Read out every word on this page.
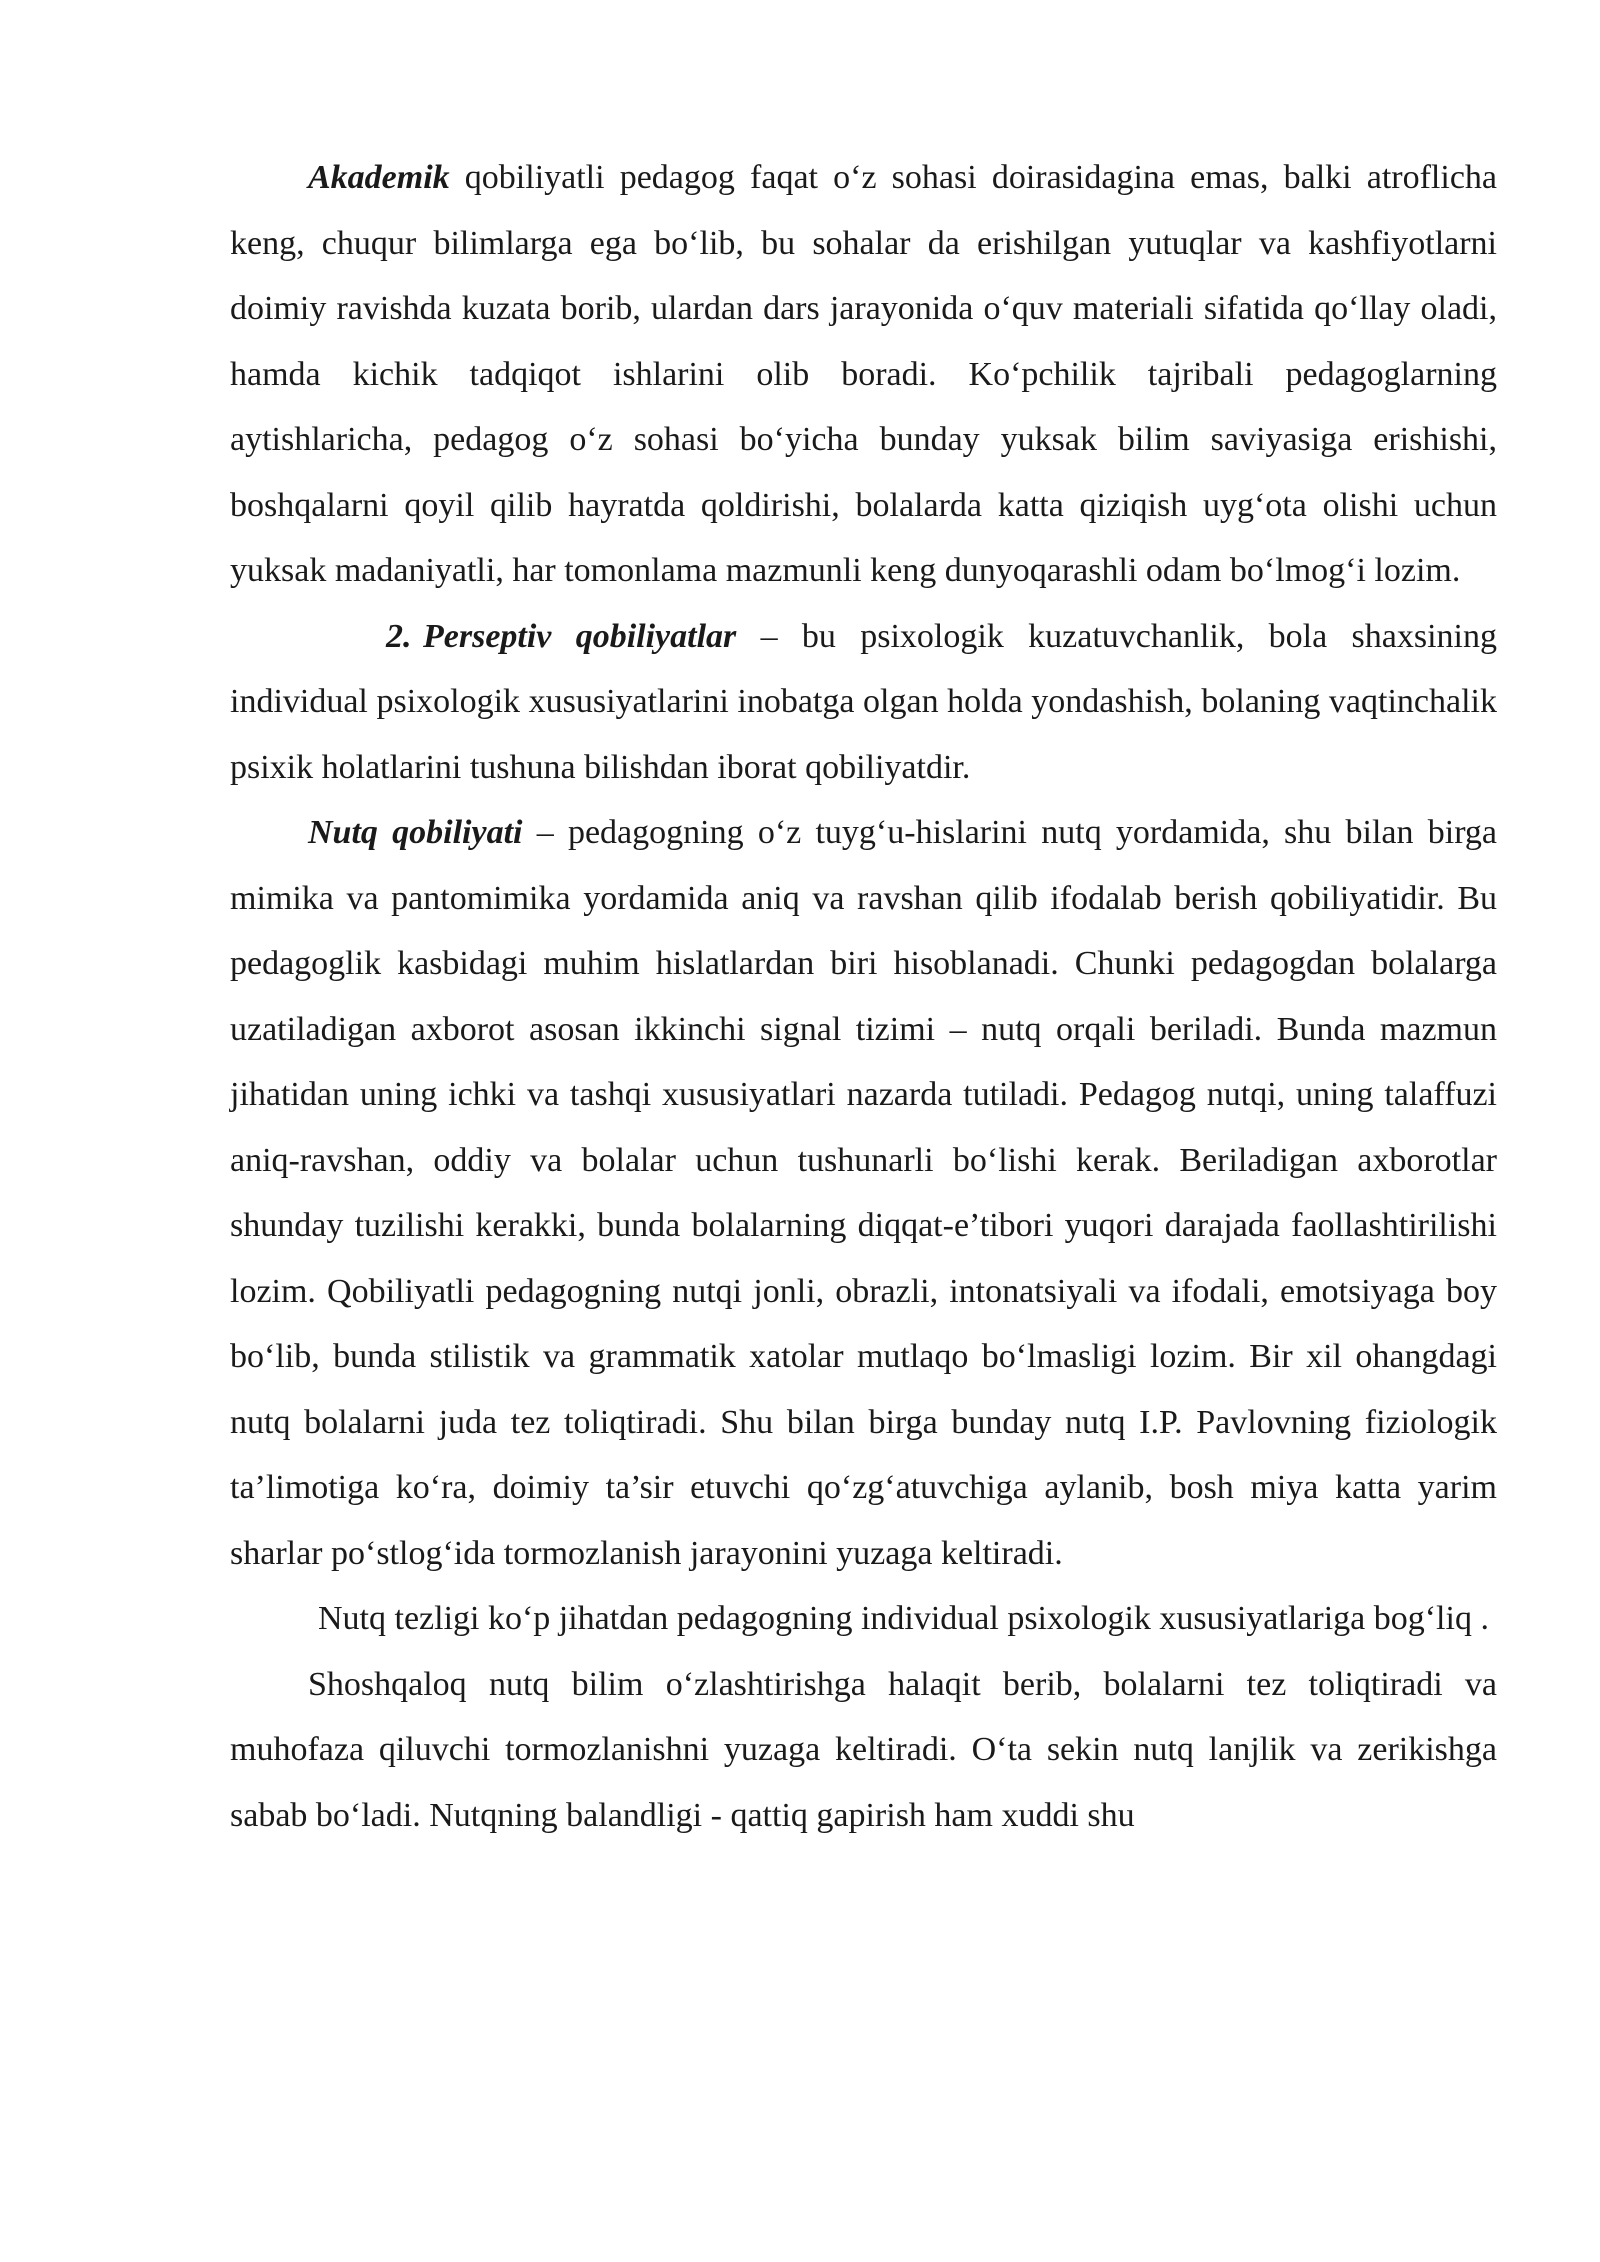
Akademik qobiliyatli pedagog faqat o‘z sohasi doirasidagina emas, balki atroflicha keng, chuqur bilimlarga ega bo‘lib, bu sohalar da erishilgan yutuqlar va kashfiyotlarni doimiy ravishda kuzata borib, ulardan dars jarayonida o‘quv materiali sifatida qo‘llay oladi, hamda kichik tadqiqot ishlarini olib boradi. Ko‘pchilik tajribali pedagoglarning aytishlaricha, pedagog o‘z sohasi bo‘yicha bunday yuksak bilim saviyasiga erishishi, boshqalarni qoyil qilib hayratda qoldirishi, bolalarda katta qiziqish uyg‘ota olishi uchun yuksak madaniyatli, har tomonlama mazmunli keng dunyoqarashli odam bo‘lmog‘i lozim.

2. Perseptiv qobiliyatlar – bu psixologik kuzatuvchanlik, bola shaxsining individual psixologik xususiyatlarini inobatga olgan holda yondashish, bolaning vaqtinchalik psixik holatlarini tushuna bilishdan iborat qobiliyatdir.

Nutq qobiliyati – pedagogning o‘z tuyg‘u-hislarini nutq yordamida, shu bilan birga mimika va pantomimika yordamida aniq va ravshan qilib ifodalab berish qobiliyatidir. Bu pedagoglik kasbidagi muhim hislatlardan biri hisoblanadi. Chunki pedagogdan bolalarga uzatiladigan axborot asosan ikkinchi signal tizimi – nutq orqali beriladi. Bunda mazmun jihatidan uning ichki va tashqi xususiyatlari nazarda tutiladi. Pedagog nutqi, uning talaffuzi aniq-ravshan, oddiy va bolalar uchun tushunarli bo‘lishi kerak. Beriladigan axborotlar shunday tuzilishi kerakki, bunda bolalarning diqqat-e’tibori yuqori darajada faollashtirilishi lozim. Qobiliyatli pedagogning nutqi jonli, obrazli, intonatsiyali va ifodali, emotsiyaga boy bo‘lib, bunda stilistik va grammatik xatolar mutlaqo bo‘lmasligi lozim. Bir xil ohangdagi nutq bolalarni juda tez toliqtiradi. Shu bilan birga bunday nutq I.P. Pavlovning fiziologik ta’limotiga ko‘ra, doimiy ta’sir etuvchi qo‘zg‘atuvchiga aylanib, bosh miya katta yarim sharlar po‘stlog‘ida tormozlanish jarayonini yuzaga keltiradi.

Nutq tezligi ko‘p jihatdan pedagogning individual psixologik xususiyatlariga bog‘liq .

Shoshqaloq nutq bilim o‘zlashtirishga halaqit berib, bolalarni tez toliqtiradi va muhofaza qiluvchi tormozlanishni yuzaga keltiradi. O‘ta sekin nutq lanjlik va zerikishga sabab bo‘ladi. Nutqning balandligi - qattiq gapirish ham xuddi shu
